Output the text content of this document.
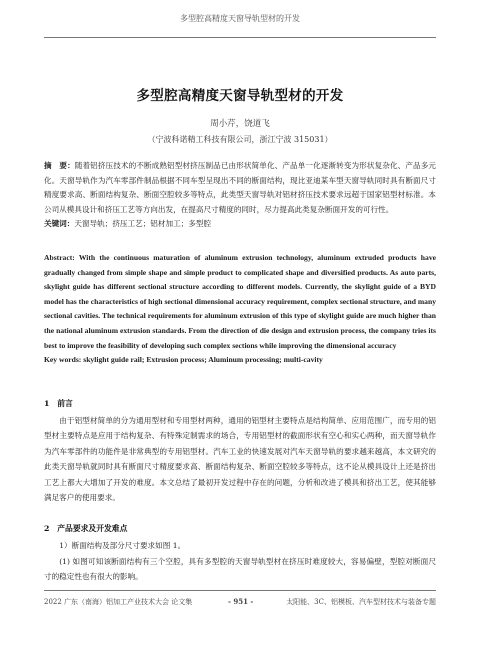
多型腔高精度天窗导轨型材的开发
多型腔高精度天窗导轨型材的开发
周小芹，饶道飞
（宁波科诺精工科技有限公司，浙江宁波 315031）
摘　要：随着铝挤压技术的不断成熟铝型材挤压制品已由形状简单化、产品单一化逐渐转变为形状复杂化、产品多元化。天窗导轨作为汽车零部件制品根据不同车型呈现出不同的断面结构，现比亚迪某车型天窗导轨同时具有断面尺寸精度要求高、断面结构复杂、断面空腔较多等特点，此类型天窗导轨对铝材挤压技术要求远超于国家铝型材标准。本公司从模具设计和挤压工艺等方向出发，在提高尺寸精度的同时，尽力提高此类复杂断面开发的可行性。
关键词：天窗导轨；挤压工艺；铝材加工；多型腔
Abstract: With the continuous maturation of aluminum extrusion technology, aluminum extruded products have gradually changed from simple shape and simple product to complicated shape and diversified products. As auto parts, skylight guide has different sectional structure according to different models. Currently, the skylight guide of a BYD model has the characteristics of high sectional dimensional accuracy requirement, complex sectional structure, and many sectional cavities. The technical requirements for aluminum extrusion of this type of skylight guide are much higher than the national aluminum extrusion standards. From the direction of die design and extrusion process, the company tries its best to improve the feasibility of developing such complex sections while improving the dimensional accuracy
Key words: skylight guide rail; Extrusion process; Aluminum processing; multi-cavity
1　前言
由于铝型材简单的分为通用型材和专用型材两种，通用的铝型材主要特点是结构简单、应用范围广，而专用的铝型材主要特点是应用于结构复杂、有特殊定制需求的场合，专用铝型材的截面形状有空心和实心两种，而天窗导轨作为汽车零部件的功能件是非常典型的专用铝型材。汽车工业的快速发展对汽车天窗导轨的要求越来越高，本文研究的此类天窗导轨就同时具有断面尺寸精度要求高、断面结构复杂、断面空腔较多等特点，这不论从模具设计上还是挤出工艺上都大大增加了开发的难度。本文总结了最初开发过程中存在的问题，分析和改进了模具和挤出工艺，使其能够满足客户的使用要求。
2　产品要求及开发难点
1）断面结构及部分尺寸要求如图 1。
(1) 如图可知该断面结构有三个空腔，具有多型腔的天窗导轨型材在挤压时难度较大，容易偏壁，型腔对断面尺寸的稳定性也有很大的影响。
2022 广东（南海）铝加工产业技术大会 论文集	- 951 -	太阳能、3C、铝模板、汽车型材技术与装备专题
